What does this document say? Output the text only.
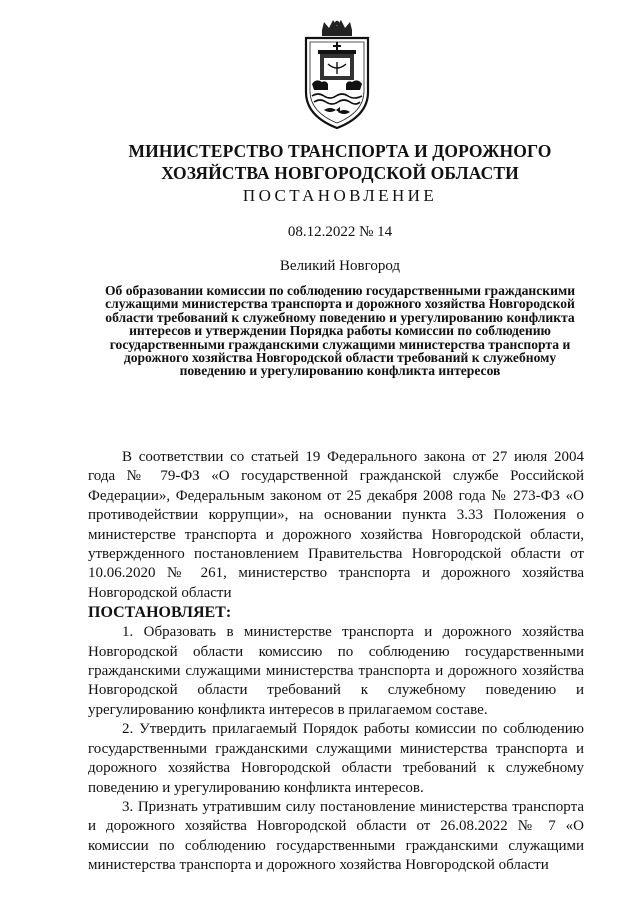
МИНИСТЕРСТВО ТРАНСПОРТА И ДОРОЖНОГО
ХОЗЯЙСТВА НОВГОРОДСКОЙ ОБЛАСТИ
ПОСТАНОВЛЕНИЕ
08.12.2022 № 14
Великий Новгород
Об образовании комиссии по соблюдению государственными гражданскими служащими министерства транспорта и дорожного хозяйства Новгородской области требований к служебному поведению и урегулированию конфликта интересов и утверждении Порядка работы комиссии по соблюдению государственными гражданскими служащими министерства транспорта и дорожного хозяйства Новгородской области требований к служебному поведению и урегулированию конфликта интересов

В соответствии со статьей 19 Федерального закона от 27 июля 2004 года № 79-ФЗ «О государственной гражданской службе Российской Федерации», Федеральным законом от 25 декабря 2008 года № 273-ФЗ «О противодействии коррупции», на основании пункта 3.33 Положения о министерстве транспорта и дорожного хозяйства Новгородской области, утвержденного постановлением Правительства Новгородской области от 10.06.2020 № 261, министерство транспорта и дорожного хозяйства Новгородской области

ПОСТАНОВЛЯЕТ:

1. Образовать в министерстве транспорта и дорожного хозяйства Новгородской области комиссию по соблюдению государственными гражданскими служащими министерства транспорта и дорожного хозяйства Новгородской области требований к служебному поведению и урегулированию конфликта интересов в прилагаемом составе.

2. Утвердить прилагаемый Порядок работы комиссии по соблюдению государственными гражданскими служащими министерства транспорта и дорожного хозяйства Новгородской области требований к служебному поведению и урегулированию конфликта интересов.

3. Признать утратившим силу постановление министерства транспорта и дорожного хозяйства Новгородской области от 26.08.2022 № 7 «О комиссии по соблюдению государственными гражданскими служащими министерства транспорта и дорожного хозяйства Новгородской области
